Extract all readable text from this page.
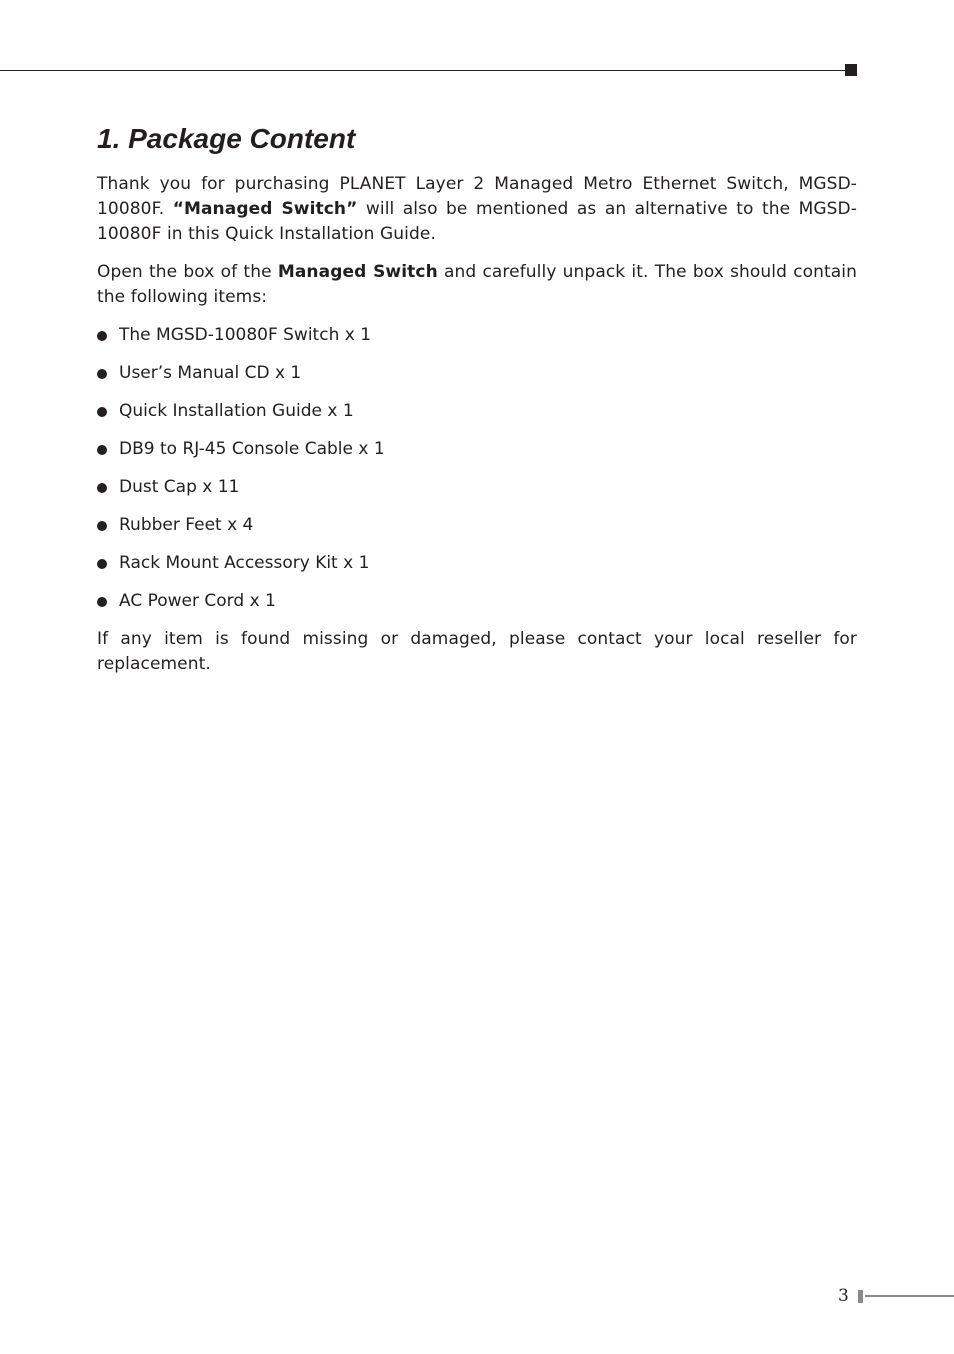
1. Package Content

Thank you for purchasing PLANET Layer 2 Managed Metro Ethernet Switch, MGSD-10080F. “Managed Switch” will also be mentioned as an alternative to the MGSD-10080F in this Quick Installation Guide.

Open the box of the Managed Switch and carefully unpack it. The box should contain the following items:

The MGSD-10080F Switch x 1
User’s Manual CD x 1
Quick Installation Guide x 1
DB9 to RJ-45 Console Cable x 1
Dust Cap x 11
Rubber Feet x 4
Rack Mount Accessory Kit x 1
AC Power Cord x 1

If any item is found missing or damaged, please contact your local reseller for replacement.

3
